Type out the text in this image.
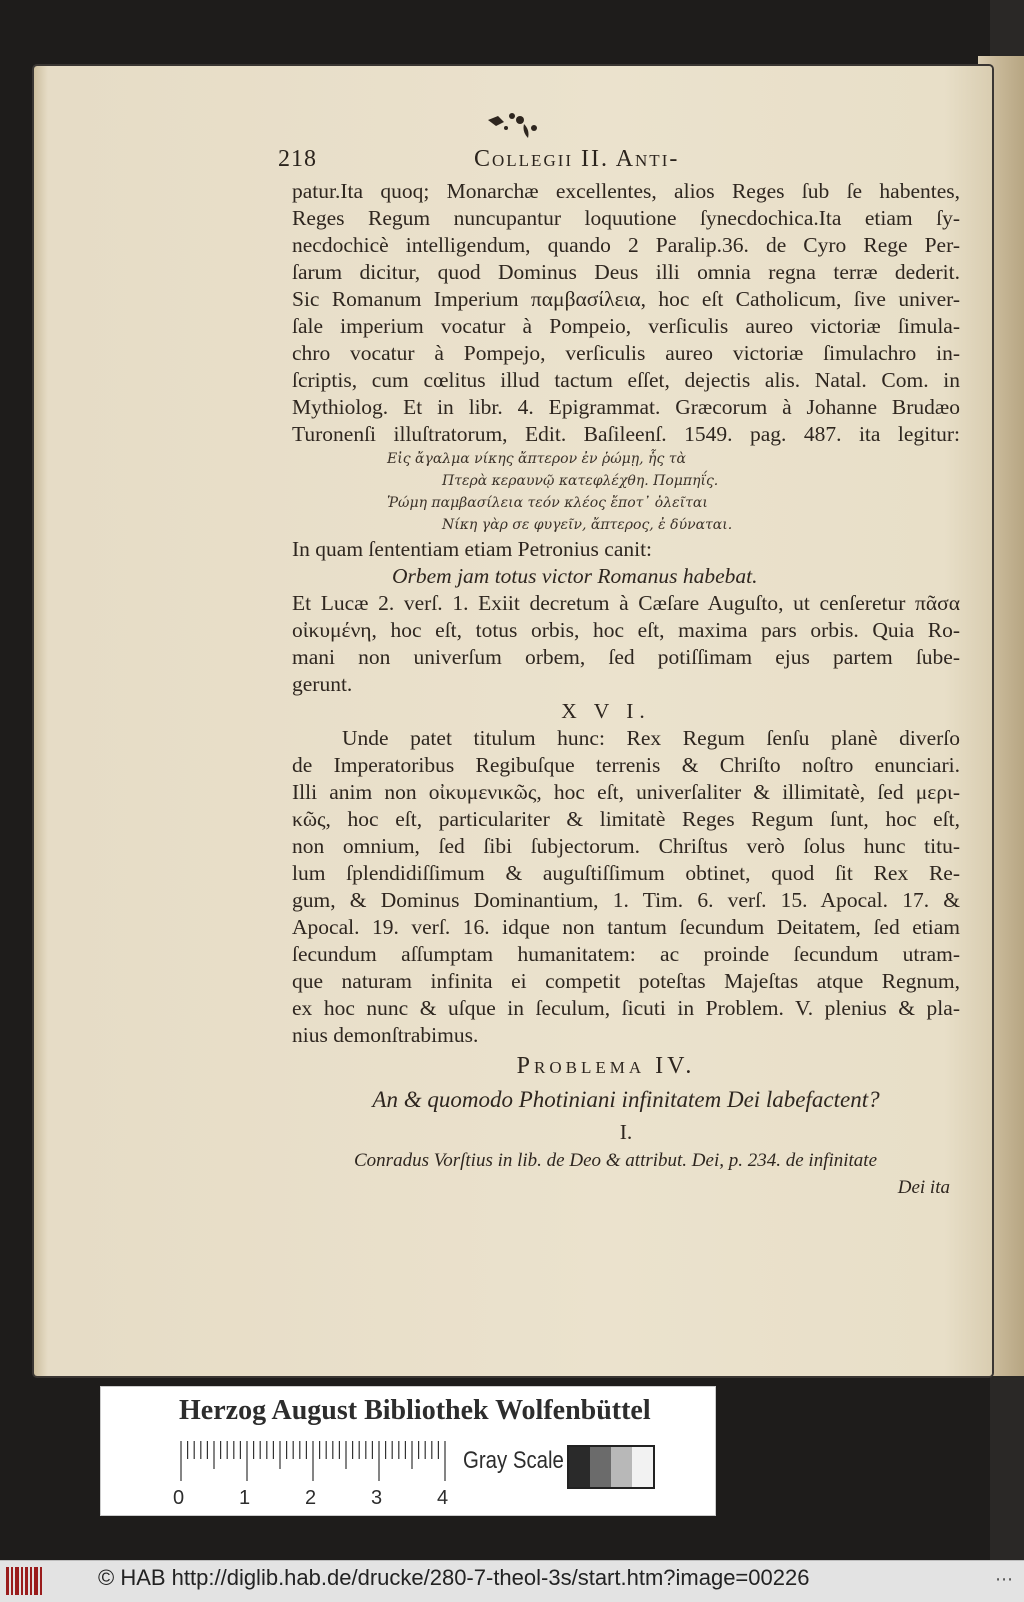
218	Collegii II. Anti-
patur.Ita quoq; Monarchæ excellentes, alios Reges ſub ſe habentes,
Reges Regum nuncupantur loquutione ſynecdochica.Ita etiam ſy-
necdochicè intelligendum, quando 2 Paralip.36. de Cyro Rege Per-
ſarum dicitur, quod Dominus Deus illi omnia regna terræ dederit.
Sic Romanum Imperium παμβασίλεια, hoc eſt Catholicum, ſive univer-
ſale imperium vocatur à Pompeio, verſiculis aureo victoriæ ſimula-
chro vocatur à Pompejo, verſiculis aureo victoriæ ſimulachro in-
ſcriptis, cum cœlitus illud tactum eſſet, dejectis alis. Natal. Com. in
Mythiolog. Et in libr. 4. Epigrammat. Græcorum à Johanne Brudæo
Turonenſi illuſtratorum, Edit. Baſileenſ. 1549. pag. 487. ita legitur:
Εἰς ἄγαλμα νίκης ἄπτερον ἐν ῥώμῃ, ἧς τὰ
Πτερὰ κεραυνῷ κατεφλέχθη. Πομπηΐς.
Ῥώμη παμβασίλεια τεόν κλέος ἔποτ᾽ ὀλεῖται
Νίκη γὰρ σε φυγεῖν, ἄπτερος, ἐ δύναται.
In quam ſententiam etiam Petronius canit:
Orbem jam totus victor Romanus habebat.
Et Lucæ 2. verſ. 1. Exiit decretum à Cæſare Auguſto, ut cenſeretur πᾶσα
οἰκυμένη, hoc eſt, totus orbis, hoc eſt, maxima pars orbis. Quia Ro-
mani non univerſum orbem, ſed potiſſimam ejus partem ſube-
gerunt.
X V I.
Unde patet titulum hunc: Rex Regum ſenſu planè diverſo
de Imperatoribus Regibuſque terrenis & Chriſto noſtro enunciari.
Illi anim non οἰκυμενικῶς, hoc eſt, univerſaliter & illimitatè, ſed μερι-
κῶς, hoc eſt, particulariter & limitatè Reges Regum ſunt, hoc eſt,
non omnium, ſed ſibi ſubjectorum. Chriſtus verò ſolus hunc titu-
lum ſplendidiſſimum & auguſtiſſimum obtinet, quod ſit Rex Re-
gum, & Dominus Dominantium, 1. Tim. 6. verſ. 15. Apocal. 17. &
Apocal. 19. verſ. 16. idque non tantum ſecundum Deitatem, ſed etiam
ſecundum aſſumptam humanitatem: ac proinde ſecundum utram-
que naturam infinita ei competit poteſtas Majeſtas atque Regnum,
ex hoc nunc & uſque in ſeculum, ſicuti in Problem. V. plenius & pla-
nius demonſtrabimus.
Problema IV.
An & quomodo Photiniani infinitatem Dei labefactent?
I.
Conradus Vorſtius in lib. de Deo & attribut. Dei, p. 234. de infinitate
Dei ita
Herzog August Bibliothek Wolfenbüttel
0	1	2	3	4
Gray Scale
© HAB http://diglib.hab.de/drucke/280-7-theol-3s/start.htm?image=00226	⋯
